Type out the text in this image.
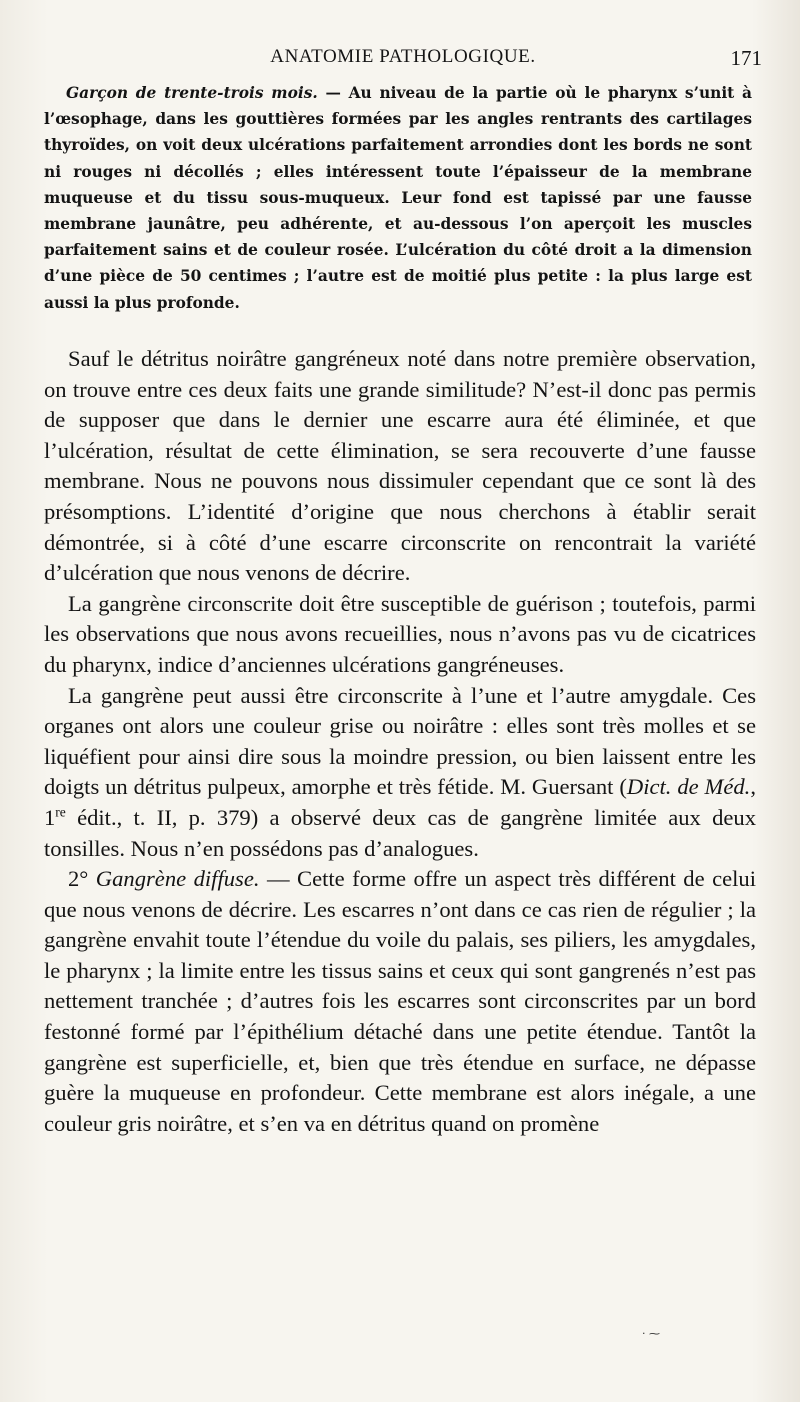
ANATOMIE PATHOLOGIQUE.	171

Garçon de trente-trois mois. — Au niveau de la partie où le pharynx s’unit à l’œsophage, dans les gouttières formées par les angles rentrants des cartilages thyroïdes, on voit deux ulcérations parfaitement arrondies dont les bords ne sont ni rouges ni décollés ; elles intéressent toute l’épaisseur de la membrane muqueuse et du tissu sous-muqueux. Leur fond est tapissé par une fausse membrane jaunâtre, peu adhérente, et au-dessous l’on aperçoit les muscles parfaitement sains et de couleur rosée. L’ulcération du côté droit a la dimension d’une pièce de 50 centimes ; l’autre est de moitié plus petite : la plus large est aussi la plus profonde.

Sauf le détritus noirâtre gangréneux noté dans notre première observation, on trouve entre ces deux faits une grande similitude? N’est-il donc pas permis de supposer que dans le dernier une escarre aura été éliminée, et que l’ulcération, résultat de cette élimination, se sera recouverte d’une fausse membrane. Nous ne pouvons nous dissimuler cependant que ce sont là des présomptions. L’identité d’origine que nous cherchons à établir serait démontrée, si à côté d’une escarre circonscrite on rencontrait la variété d’ulcération que nous venons de décrire.

La gangrène circonscrite doit être susceptible de guérison ; toutefois, parmi les observations que nous avons recueillies, nous n’avons pas vu de cicatrices du pharynx, indice d’anciennes ulcérations gangréneuses.

La gangrène peut aussi être circonscrite à l’une et l’autre amygdale. Ces organes ont alors une couleur grise ou noirâtre : elles sont très molles et se liquéfient pour ainsi dire sous la moindre pression, ou bien laissent entre les doigts un détritus pulpeux, amorphe et très fétide. M. Guersant (Dict. de Méd., 1re édit., t. II, p. 379) a observé deux cas de gangrène limitée aux deux tonsilles. Nous n’en possédons pas d’analogues.

2° Gangrène diffuse. — Cette forme offre un aspect très différent de celui que nous venons de décrire. Les escarres n’ont dans ce cas rien de régulier ; la gangrène envahit toute l’étendue du voile du palais, ses piliers, les amygdales, le pharynx ; la limite entre les tissus sains et ceux qui sont gangrenés n’est pas nettement tranchée ; d’autres fois les escarres sont circonscrites par un bord festonné formé par l’épithélium détaché dans une petite étendue. Tantôt la gangrène est superficielle, et, bien que très étendue en surface, ne dépasse guère la muqueuse en profondeur. Cette membrane est alors inégale, a une couleur gris noirâtre, et s’en va en détritus quand on promène

· ⁓
